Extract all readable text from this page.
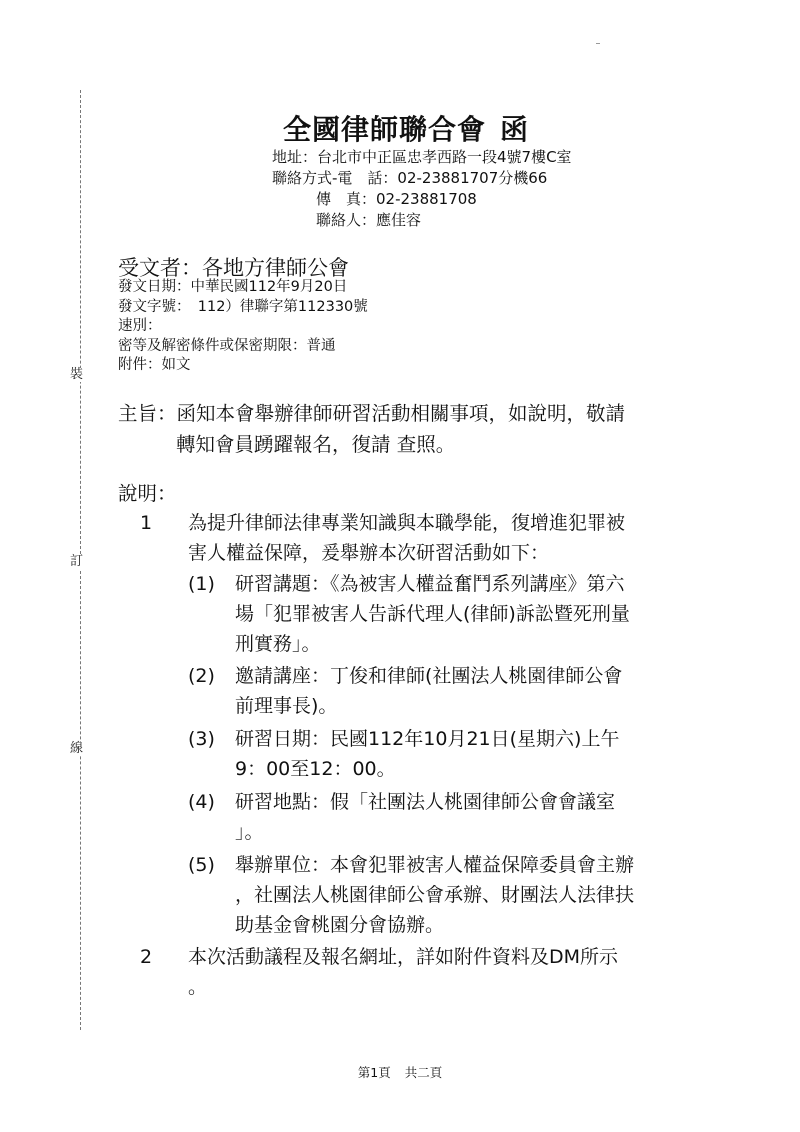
裝
訂
線
全國律師聯合會 函
地址：台北市中正區忠孝西路一段4號7樓C室
聯絡方式-電　話：02-23881707分機66
傳　真：02-23881708
聯絡人：應佳容
受文者：各地方律師公會
發文日期：中華民國112年9月20日
發文字號：　112）律聯字第112330號
速別：
密等及解密條件或保密期限：普通
附件：如文
主旨：函知本會舉辦律師研習活動相關事項，如說明，敬請
轉知會員踴躍報名，復請 查照。
說明：
1 為提升律師法律專業知識與本職學能，復增進犯罪被
害人權益保障，爰舉辦本次研習活動如下：
(1) 研習講題：《為被害人權益奮鬥系列講座》第六
場「犯罪被害人告訴代理人(律師)訴訟暨死刑量
刑實務」。
(2) 邀請講座：丁俊和律師(社團法人桃園律師公會
前理事長)。
(3) 研習日期：民國112年10月21日(星期六)上午
9：00至12：00。
(4) 研習地點：假「社團法人桃園律師公會會議室
」。
(5) 舉辦單位：本會犯罪被害人權益保障委員會主辦
，社團法人桃園律師公會承辦、財團法人法律扶
助基金會桃園分會協辦。
2 本次活動議程及報名網址，詳如附件資料及DM所示
。
第1頁 共二頁
